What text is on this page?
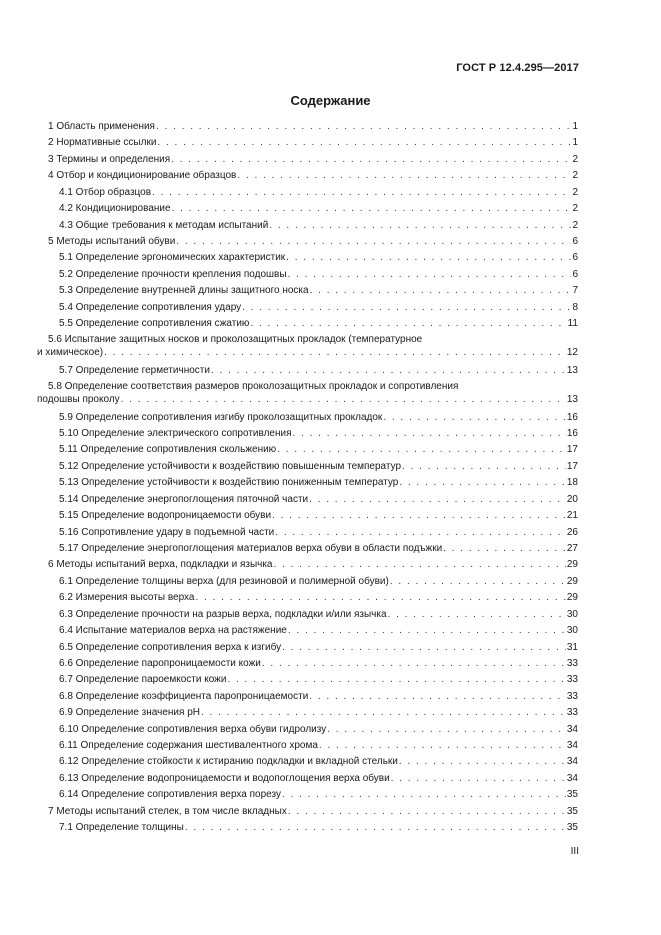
ГОСТ Р 12.4.295—2017
Содержание
1 Область применения . . .	1
2 Нормативные ссылки . . .	1
3 Термины и определения . . .	2
4 Отбор и кондиционирование образцов . . .	2
4.1 Отбор образцов . . .	2
4.2 Кондиционирование . . .	2
4.3 Общие требования к методам испытаний . . .	2
5 Методы испытаний обуви . . .	6
5.1 Определение эргономических характеристик . . .	6
5.2 Определение прочности крепления подошвы . . .	6
5.3 Определение внутренней длины защитного носка . . .	7
5.4 Определение сопротивления удару . . .	8
5.5 Определение сопротивления сжатию . . .	11
5.6 Испытание защитных носков и проколозащитных прокладок (температурное
и химическое) . . .	12
5.7 Определение герметичности . . .	13
5.8 Определение соответствия размеров проколозащитных прокладок и сопротивления
подошвы проколу . . .	13
5.9 Определение сопротивления изгибу проколозащитных прокладок . . .	16
5.10 Определение электрического сопротивления . . .	16
5.11 Определение сопротивления скольжению . . .	17
5.12 Определение устойчивости к воздействию повышенным температур . . .	17
5.13 Определение устойчивости к воздействию пониженным температур . . .	18
5.14 Определение энергопоглощения пяточной части . . .	20
5.15 Определение водопроницаемости обуви . . .	21
5.16 Сопротивление удару в подъемной части . . .	26
5.17 Определение энергопоглощения материалов верха обуви в области подъжки . . .	27
6 Методы испытаний верха, подкладки и язычка . . .	29
6.1 Определение толщины верха (для резиновой и полимерной обуви) . . .	29
6.2 Измерения высоты верха . . .	29
6.3 Определение прочности на разрыв верха, подкладки и/или язычка . . .	30
6.4 Испытание материалов верха на растяжение . . .	30
6.5 Определение сопротивления верха к изгибу . . .	31
6.6 Определение паропроницаемости кожи . . .	33
6.7 Определение пароемкости кожи . . .	33
6.8 Определение коэффициента паропроницаемости . . .	33
6.9 Определение значения рН . . .	33
6.10 Определение сопротивления верха обуви гидролизу . . .	34
6.11 Определение содержания шестивалентного хрома . . .	34
6.12 Определение стойкости к истиранию подкладки и вкладной стельки . . .	34
6.13 Определение водопроницаемости и водопоглощения верха обуви . . .	34
6.14 Определение сопротивления верха порезу . . .	35
7 Методы испытаний стелек, в том числе вкладных . . .	35
7.1 Определение толщины . . .	35
III
